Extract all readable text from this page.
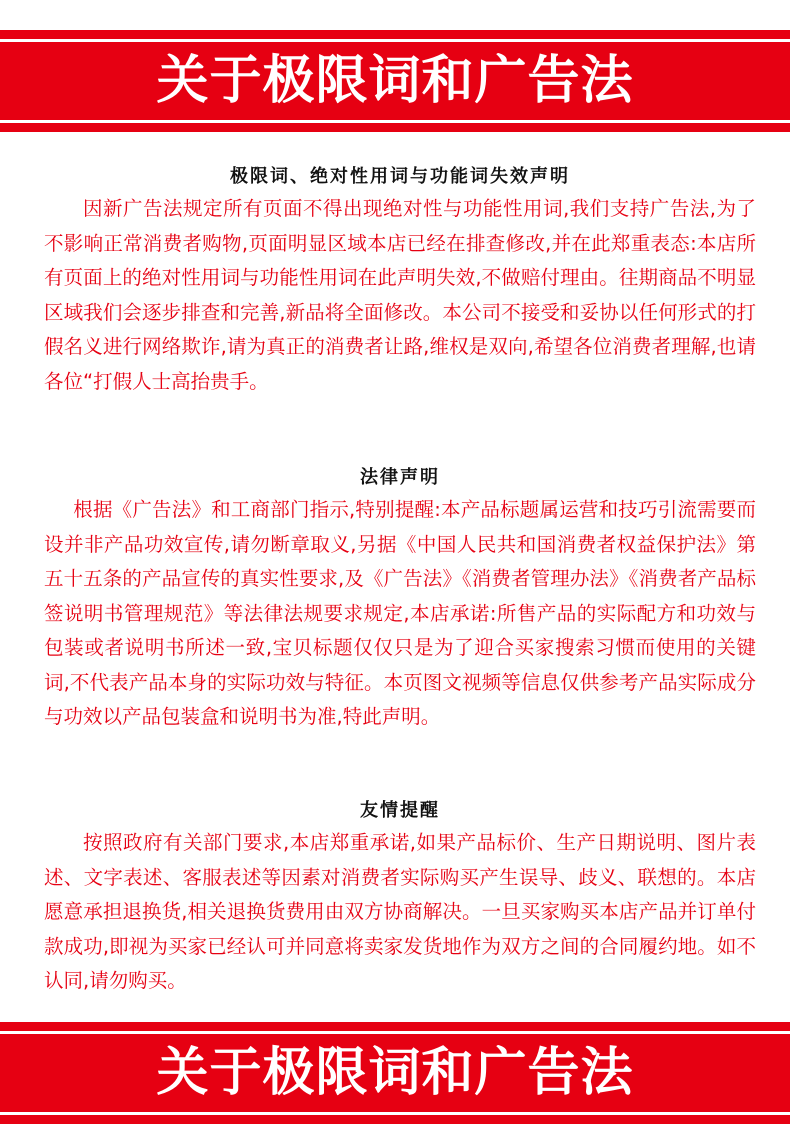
关于极限词和广告法
极限词、绝对性用词与功能词失效声明

因新广告法规定所有页面不得出现绝对性与功能性用词,我们支持广告法,为了不影响正常消费者购物,页面明显区域本店已经在排查修改,并在此郑重表态:本店所有页面上的绝对性用词与功能性用词在此声明失效,不做赔付理由。往期商品不明显区域我们会逐步排查和完善,新品将全面修改。本公司不接受和妥协以任何形式的打假名义进行网络欺诈,请为真正的消费者让路,维权是双向,希望各位消费者理解,也请各位“打假人士高抬贵手。

法律声明

根据《广告法》和工商部门指示,特别提醒:本产品标题属运营和技巧引流需要而设并非产品功效宣传,请勿断章取义,另据《中国人民共和国消费者权益保护法》第五十五条的产品宣传的真实性要求,及《广告法》《消费者管理办法》《消费者产品标签说明书管理规范》等法律法规要求规定,本店承诺:所售产品的实际配方和功效与包装或者说明书所述一致,宝贝标题仅仅只是为了迎合买家搜索习惯而使用的关键词,不代表产品本身的实际功效与特征。本页图文视频等信息仅供参考产品实际成分与功效以产品包装盒和说明书为准,特此声明。

友情提醒

按照政府有关部门要求,本店郑重承诺,如果产品标价、生产日期说明、图片表述、文字表述、客服表述等因素对消费者实际购买产生误导、歧义、联想的。本店愿意承担退换货,相关退换货费用由双方协商解决。一旦买家购买本店产品并订单付款成功,即视为买家已经认可并同意将卖家发货地作为双方之间的合同履约地。如不认同,请勿购买。

关于极限词和广告法
